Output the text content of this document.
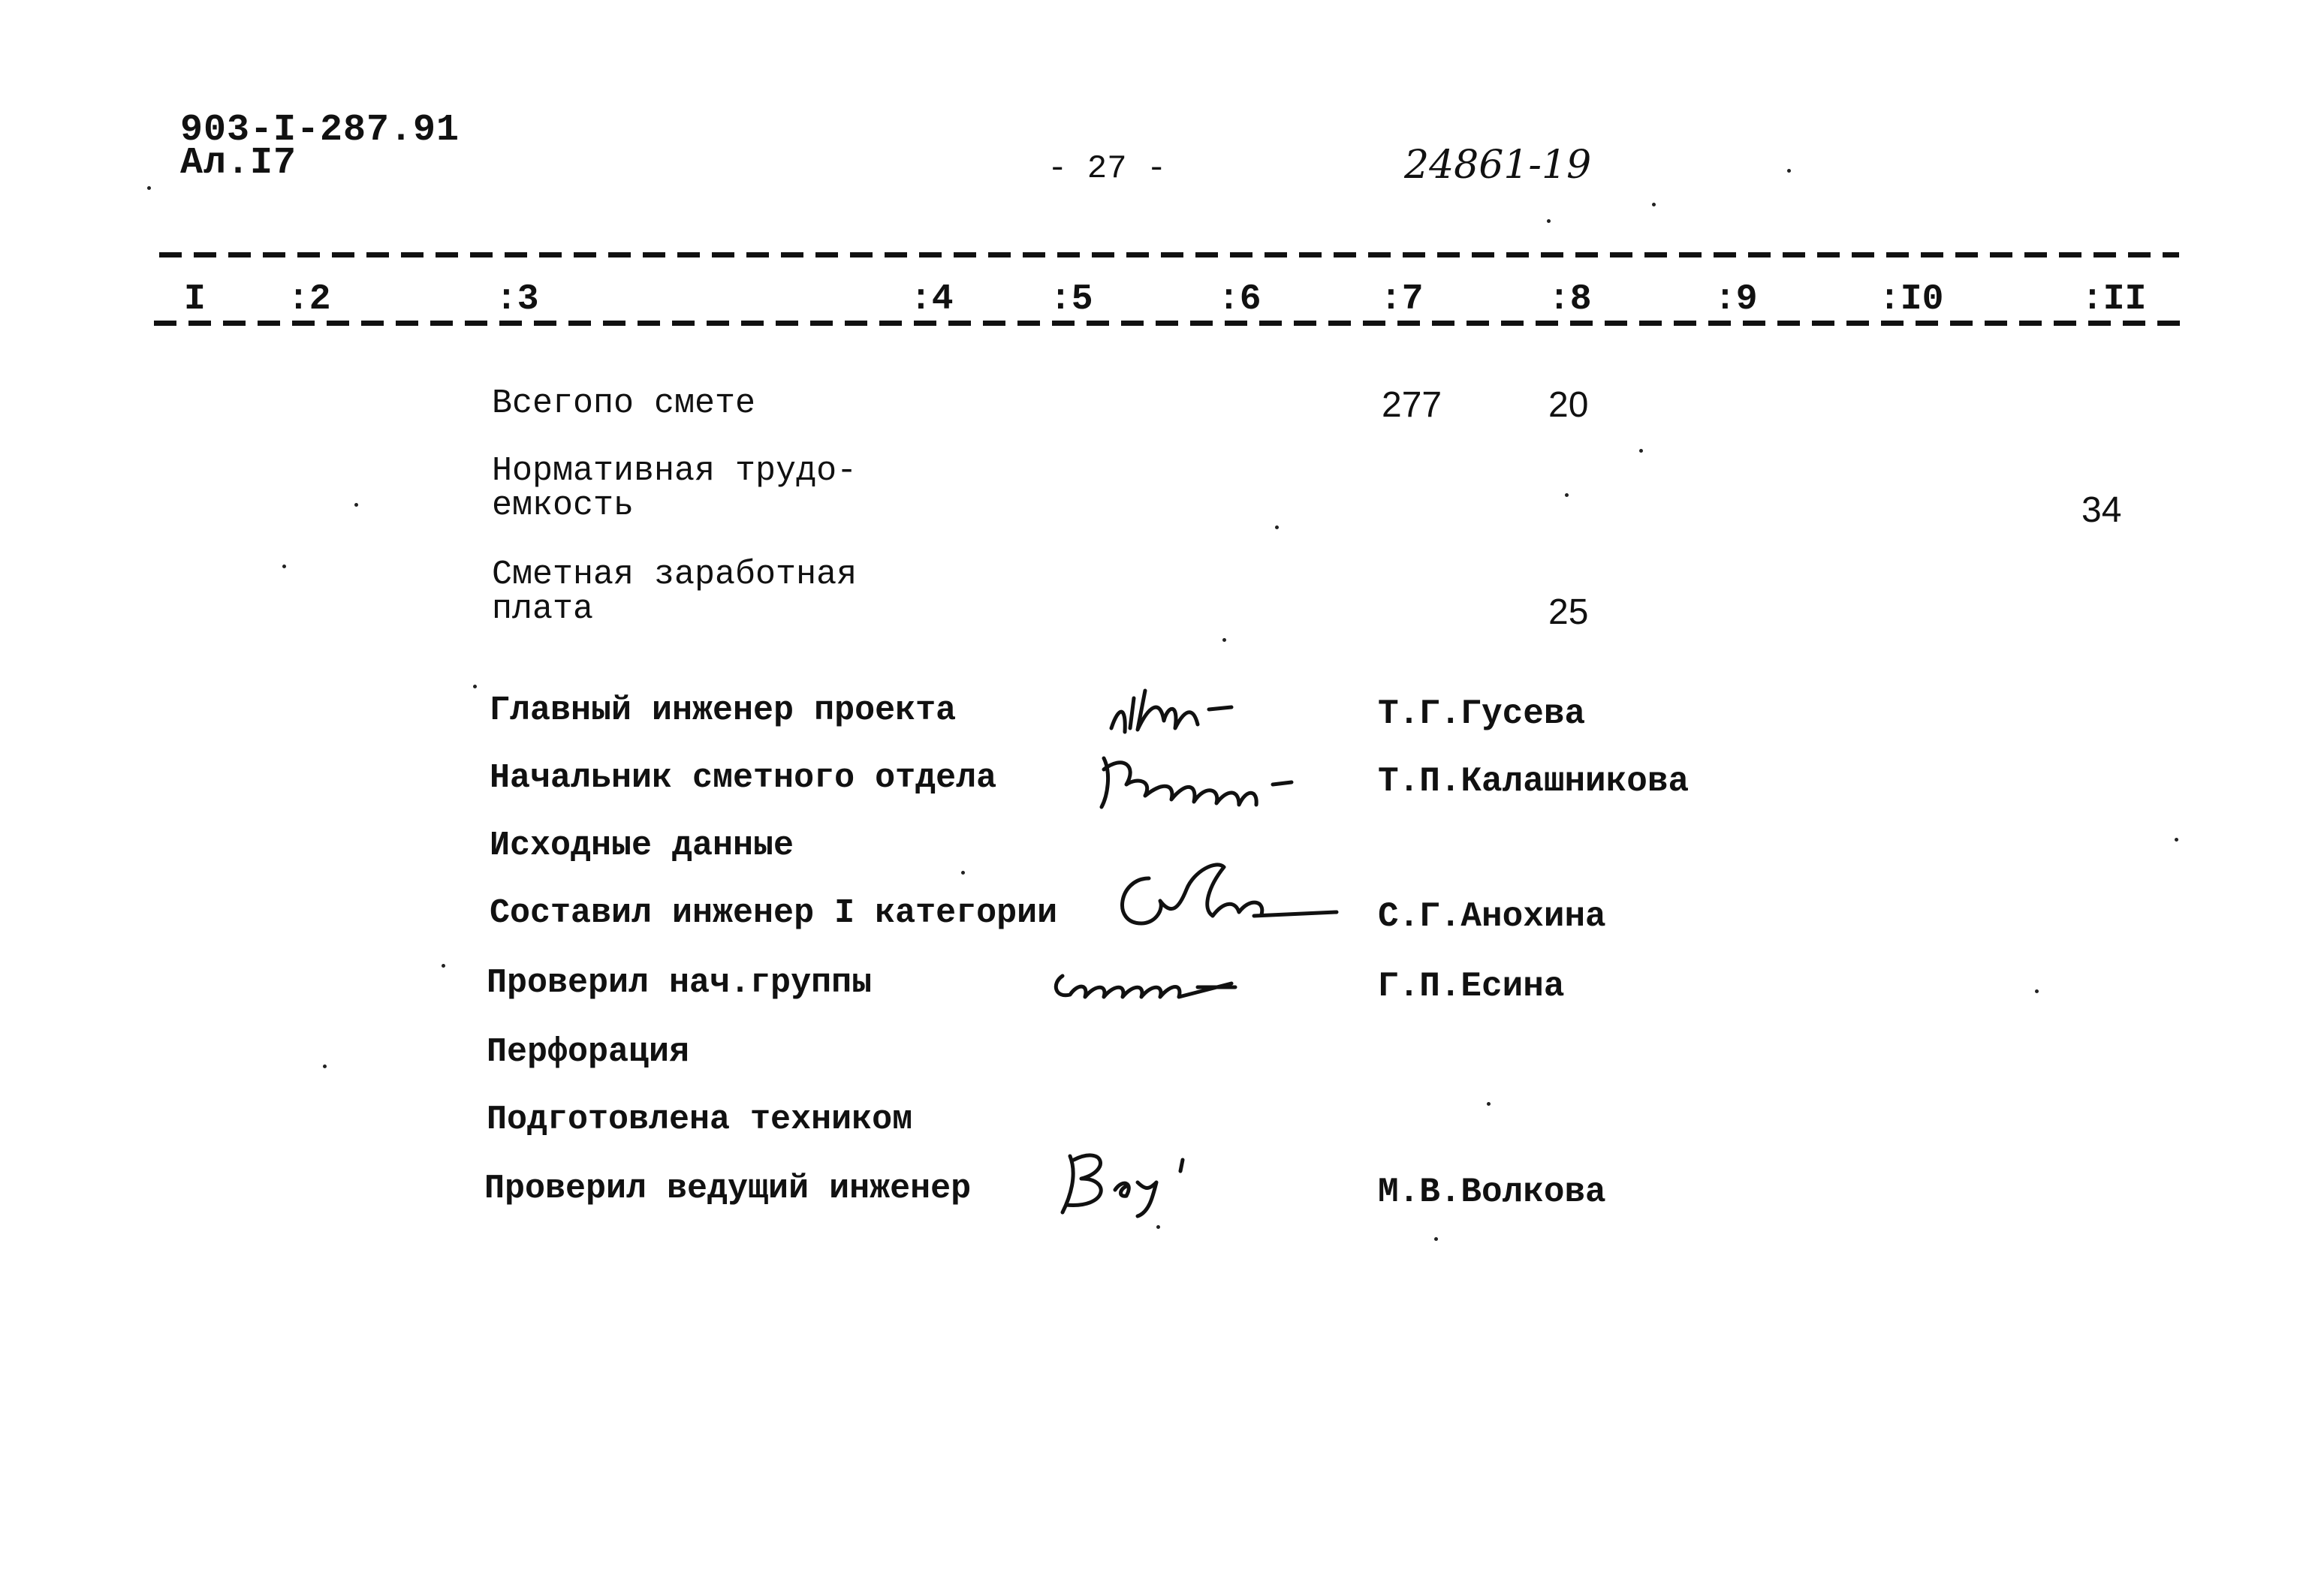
903-I-287.91
Ал.I7	- 27 -	24861-19
I :2	:3	:4	:5	:6	:7	:8	:9	:I0	:II
Всегопо смете	277	20
Нормативная трудо-
емкость	34
Сметная заработная
плата	25
Главный инженер проекта	Т.Г.Гусева
Начальник сметного отдела	Т.П.Калашникова
Исходные данные
Составил инженер I категории	С.Г.Анохина
Проверил нач.группы	Г.П.Есина
Перфорация
Подготовлена техником
Проверил ведущий инженер	М.В.Волкова
